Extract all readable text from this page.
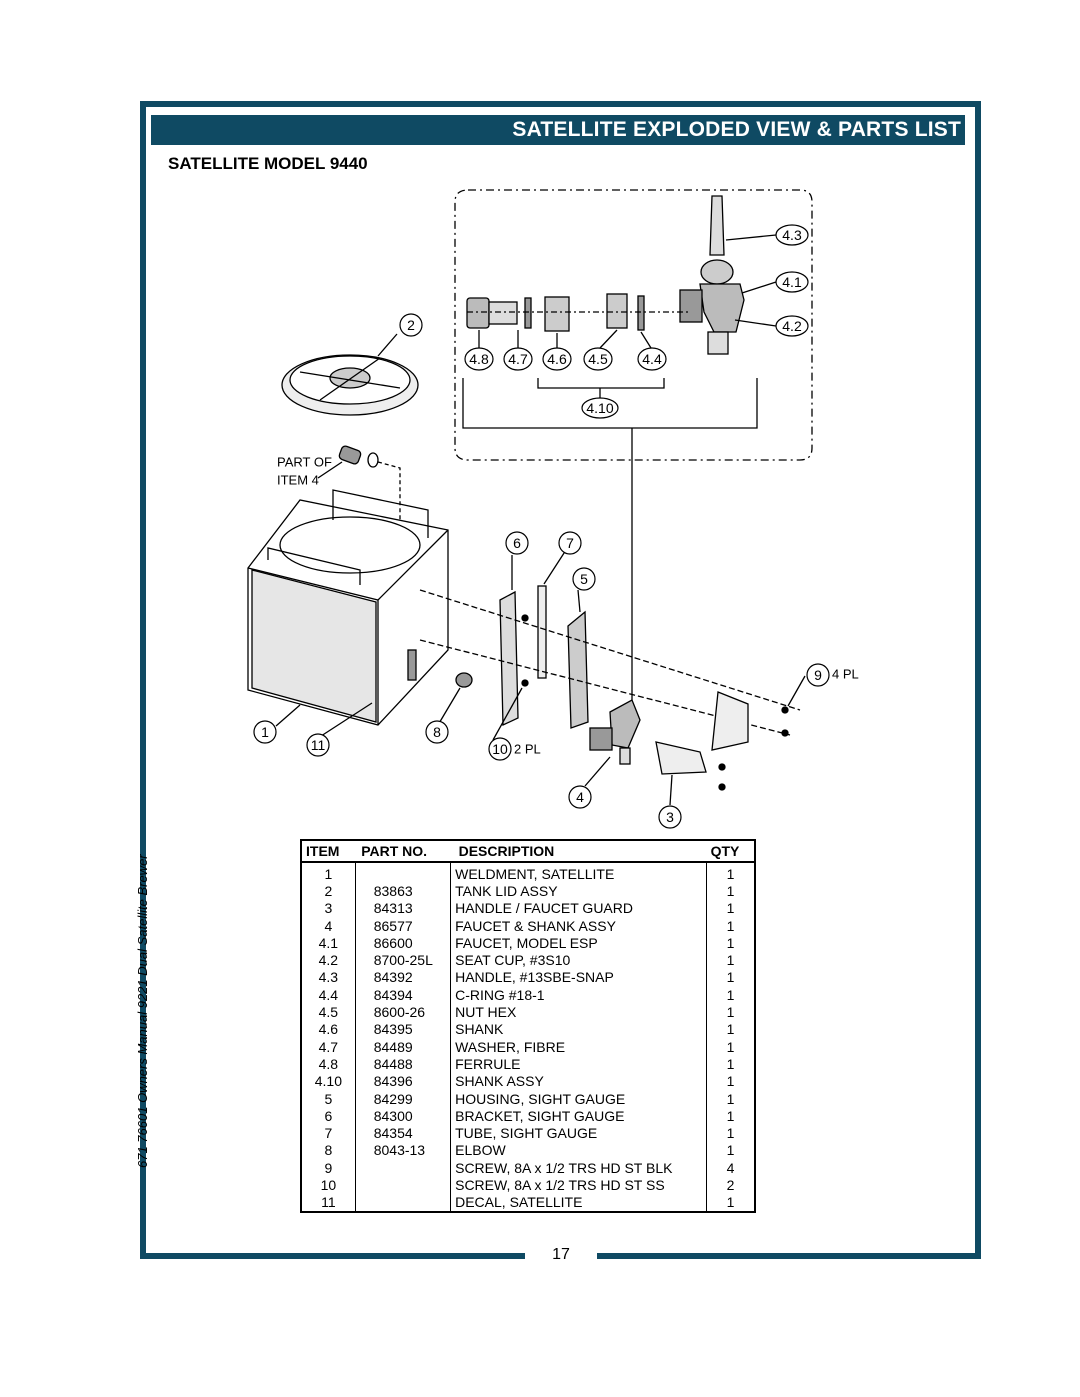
17
SATELLITE EXPLODED VIEW & PARTS LIST
SATELLITE MODEL 9440
671 76601 Owners Manual 9221 Dual Satellite Brewer
4.3
4.1
4.2
4.8 4.7 4.6 4.5 4.4
4.10
2
6	7
5
9
1
11
8
10
4
3
4 PL
2 PL
PART OF
ITEM 4
ITEM	PART NO.	DESCRIPTION	QTY
1		WELDMENT, SATELLITE	1
2	83863	TANK LID ASSY	1
3	84313	HANDLE / FAUCET GUARD	1
4	86577	FAUCET & SHANK ASSY	1
4.1	86600	FAUCET, MODEL ESP	1
4.2	8700-25L	SEAT CUP, #3S10	1
4.3	84392	HANDLE, #13SBE-SNAP	1
4.4	84394	C-RING #18-1	1
4.5	8600-26	NUT HEX	1
4.6	84395	SHANK	1
4.7	84489	WASHER, FIBRE	1
4.8	84488	FERRULE	1
4.10	84396	SHANK ASSY	1
5	84299	HOUSING, SIGHT GAUGE	1
6	84300	BRACKET, SIGHT GAUGE	1
7	84354	TUBE, SIGHT GAUGE	1
8	8043-13	ELBOW	1
9		SCREW, 8A x 1/2 TRS HD ST BLK	4
10		SCREW, 8A x 1/2 TRS HD ST SS	2
11		DECAL, SATELLITE	1
